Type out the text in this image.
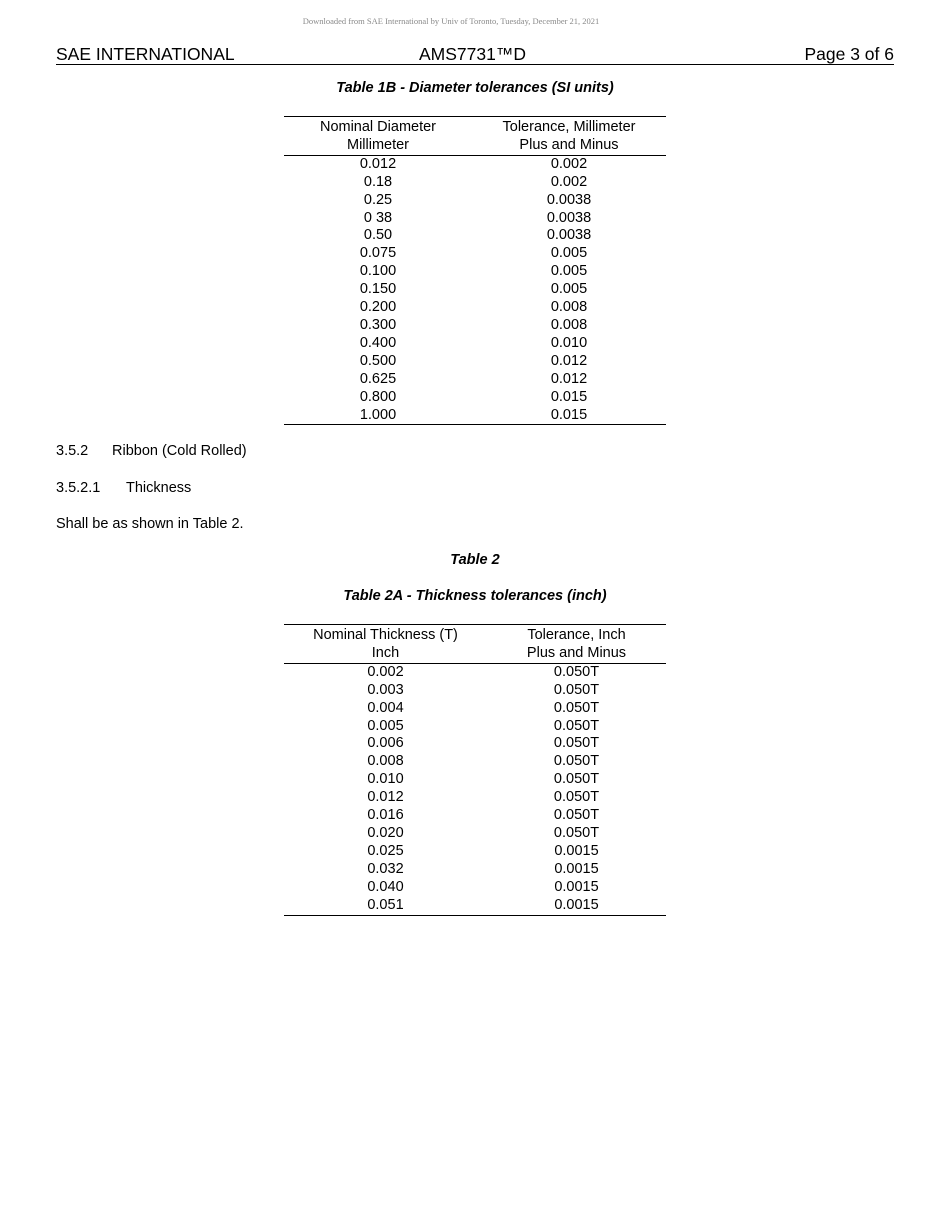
Downloaded from SAE International by Univ of Toronto, Tuesday, December 21, 2021
SAE INTERNATIONAL	AMS7731™D	Page 3 of 6
Table 1B - Diameter tolerances (SI units)
Nominal Diameter	Tolerance, Millimeter
Millimeter	Plus and Minus
0.012	0.002
0.18	0.002
0.25	0.0038
0 38	0.0038
0.50	0.0038
0.075	0.005
0.100	0.005
0.150	0.005
0.200	0.008
0.300	0.008
0.400	0.010
0.500	0.012
0.625	0.012
0.800	0.015
1.000	0.015
3.5.2 Ribbon (Cold Rolled)
3.5.2.1 Thickness
Shall be as shown in Table 2.
Table 2
Table 2A - Thickness tolerances (inch)
Nominal Thickness (T)	Tolerance, Inch
Inch	Plus and Minus
0.002	0.050T
0.003	0.050T
0.004	0.050T
0.005	0.050T
0.006	0.050T
0.008	0.050T
0.010	0.050T
0.012	0.050T
0.016	0.050T
0.020	0.050T
0.025	0.0015
0.032	0.0015
0.040	0.0015
0.051	0.0015
